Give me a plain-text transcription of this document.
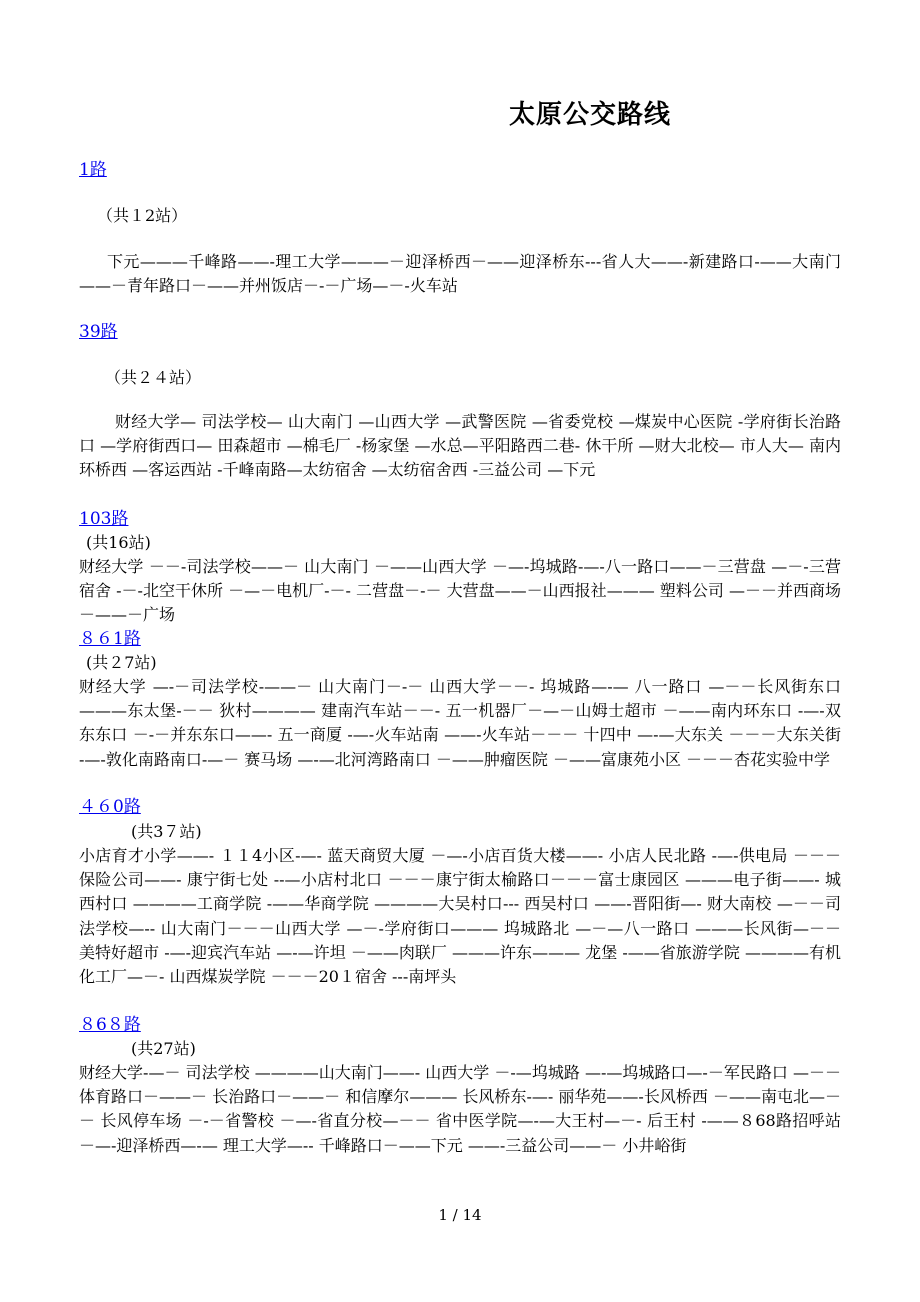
太原公交路线
1路
（共１2站）
下元———千峰路——-理工大学———－迎泽桥西－——迎泽桥东---省人大——-新建路口-——大南门——－青年路口－——并州饭店－-－广场—－-火车站
39路
（共２４站）
财经大学— 司法学校— 山大南门 —山西大学 —武警医院 —省委党校 —煤炭中心医院 -学府街长治路口 —学府街西口— 田森超市 —棉毛厂 -杨家堡 —水总—平阳路西二巷- 休干所 —财大北校— 市人大— 南内环桥西 —客运西站 -千峰南路—太纺宿舍 —太纺宿舍西 -三益公司 —下元
103路
(共16站)
财经大学 －－-司法学校——－ 山大南门 －——山西大学 －—-坞城路-—-八一路口——－三营盘 —－-三营宿舍 -－-北空干休所 －—－电机厂-－- 二营盘－-－ 大营盘——－山西报社——— 塑料公司 —－－并西商场 －——－广场
８６1路
(共２7站)
财经大学 —-－司法学校-——－ 山大南门－-－ 山西大学－－- 坞城路—-— 八一路口 —－－长风街东口 ———东太堡-－－ 狄村———— 建南汽车站－－- 五一机器厂－—－山姆士超市 －——南内环东口 -—-双东东口 －-－并东东口——- 五一商厦 -—-火车站南 ——-火车站－－－ 十四中 —-—大东关 －－－大东关街 -—-敦化南路南口-—－ 赛马场 —-—北河湾路南口 －——肿瘤医院 －——富康苑小区 －－－杏花实验中学
４６0路
(共3７站)
小店育才小学——- １１4小区-—- 蓝天商贸大厦 －—-小店百货大楼——- 小店人民北路 -—-供电局 －－－保险公司——- 康宁街七处 --—小店村北口 －－－康宁街太榆路口－－－富士康园区 ———电子街——- 城西村口 ————工商学院 -——华商学院 ————大吴村口--- 西吴村口 ——-晋阳街—- 财大南校 —－－司法学校—-- 山大南门－－－山西大学 —－-学府街口——— 坞城路北 —－—八一路口 ———长风街—－－ 美特好超市 -—-迎宾汽车站 —-—许坦 －——肉联厂 ———许东——— 龙堡 -——省旅游学院 ————有机化工厂—－- 山西煤炭学院 －－－20１宿舍 ---南坪头
８6８路
(共27站)
财经大学-—－ 司法学校 ————山大南门——- 山西大学 －-—坞城路 —-—坞城路口—-－军民路口 —－－体育路口－——－ 长治路口－——－ 和信摩尔——— 长风桥东-—- 丽华苑——-长风桥西 －——南屯北—－－ 长风停车场 －-－省警校 －—-省直分校—－－ 省中医学院—-—大王村—－- 后王村 -——８68路招呼站 －—-迎泽桥西—-— 理工大学—-- 千峰路口－——下元 ——-三益公司——－ 小井峪街
1 / 14
